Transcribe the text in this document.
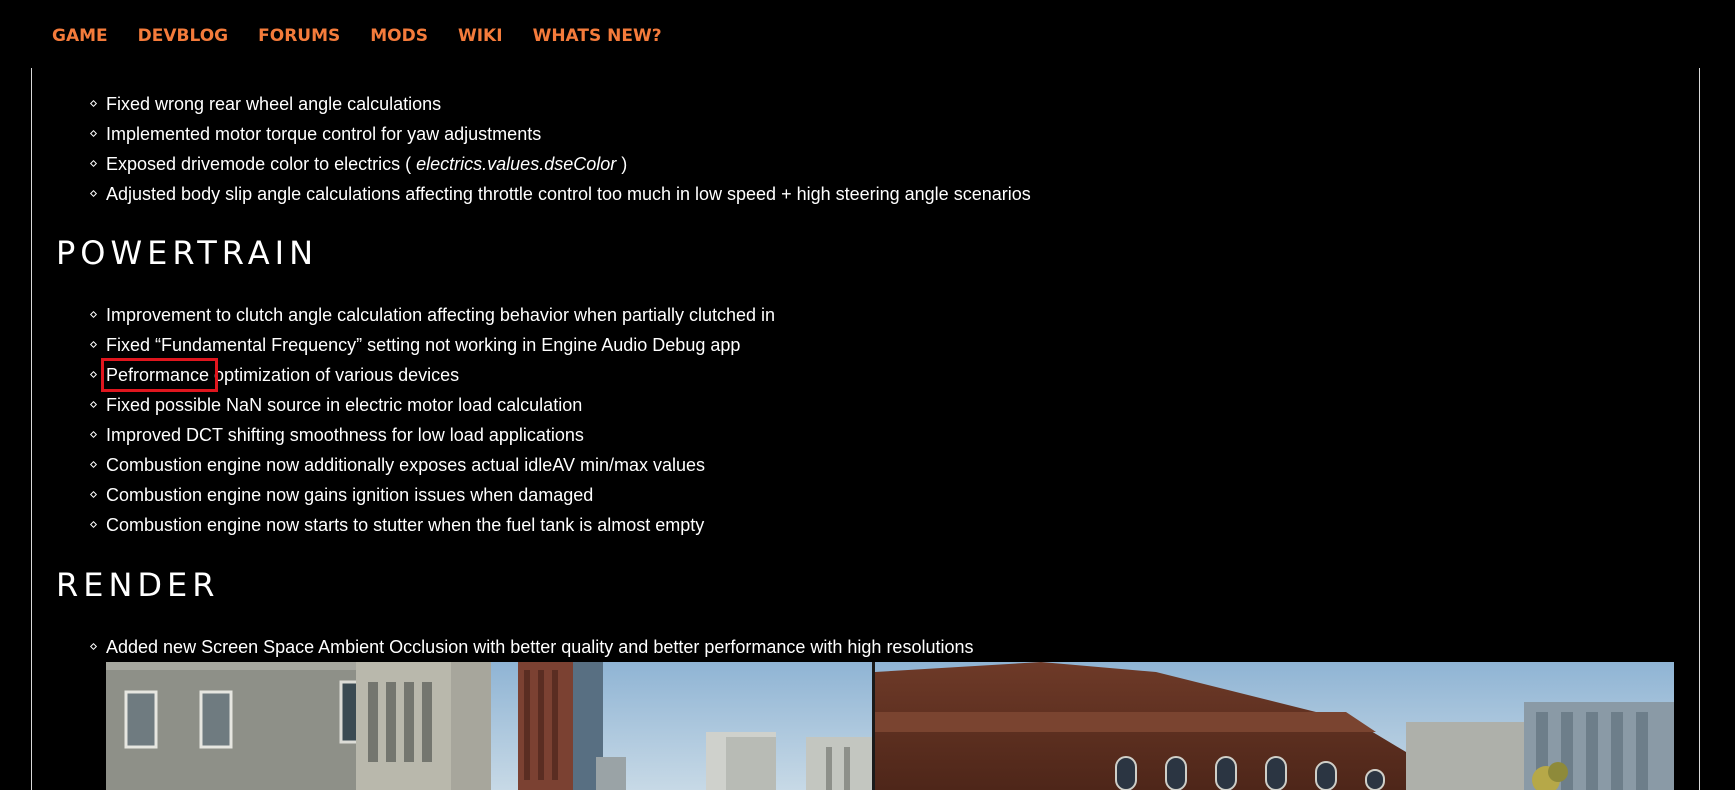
GAME DEVBLOG FORUMS MODS WIKI WHATS NEW?
Fixed wrong rear wheel angle calculations
Implemented motor torque control for yaw adjustments
Exposed drivemode color to electrics ( electrics.values.dseColor )
Adjusted body slip angle calculations affecting throttle control too much in low speed + high steering angle scenarios
POWERTRAIN
Improvement to clutch angle calculation affecting behavior when partially clutched in
Fixed “Fundamental Frequency” setting not working in Engine Audio Debug app
Pefrormance optimization of various devices
Fixed possible NaN source in electric motor load calculation
Improved DCT shifting smoothness for low load applications
Combustion engine now additionally exposes actual idleAV min/max values
Combustion engine now gains ignition issues when damaged
Combustion engine now starts to stutter when the fuel tank is almost empty
RENDER
Added new Screen Space Ambient Occlusion with better quality and better performance with high resolutions
